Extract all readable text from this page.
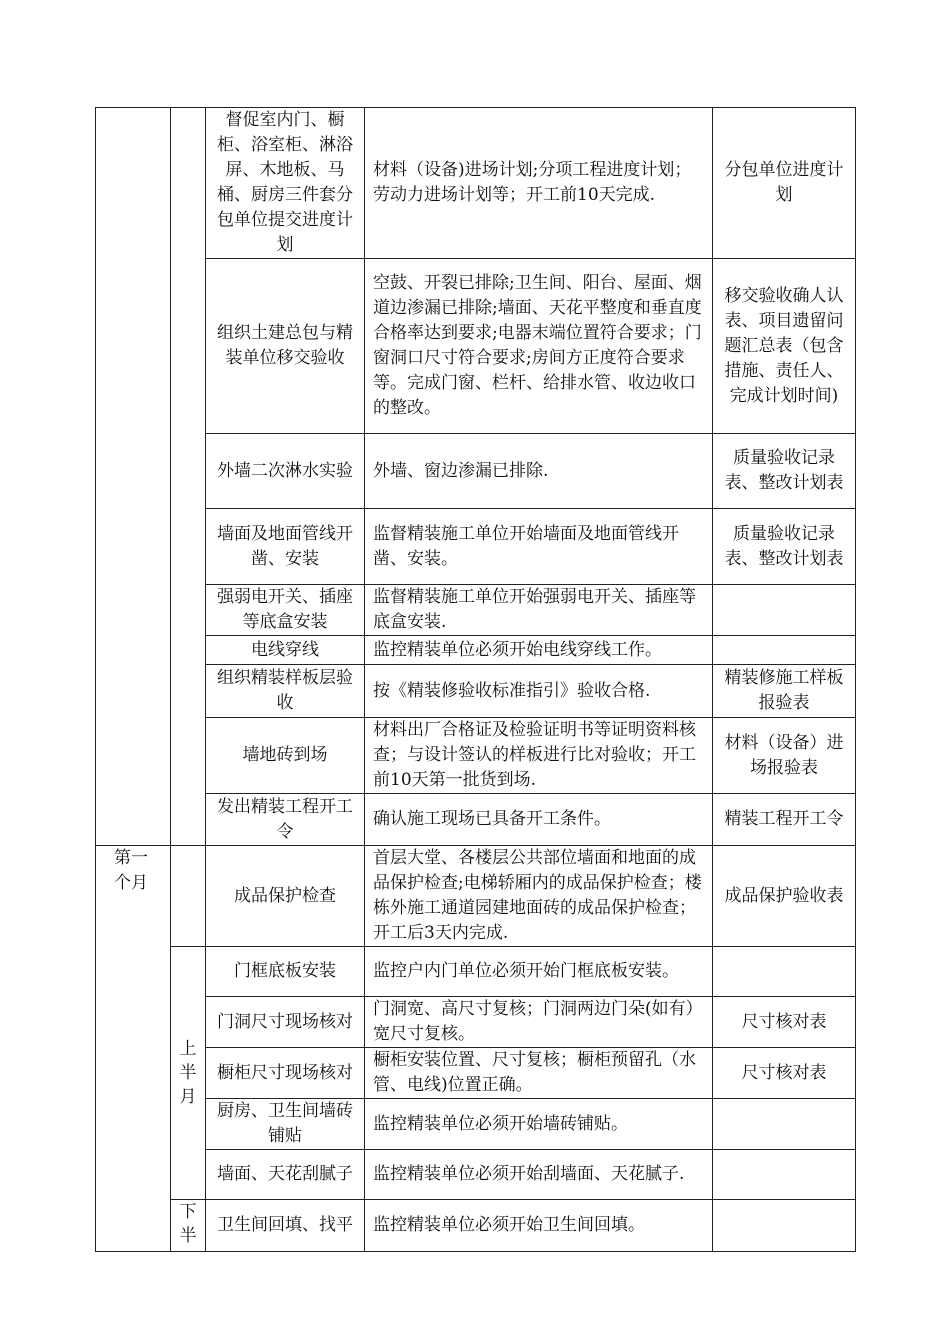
		督促室内门、橱柜、浴室柜、淋浴屏、木地板、马桶、厨房三件套分包单位提交进度计划	材料（设备)进场计划;分项工程进度计划；劳动力进场计划等；开工前10天完成.	分包单位进度计划
		组织土建总包与精装单位移交验收	空鼓、开裂已排除;卫生间、阳台、屋面、烟道边渗漏已排除;墙面、天花平整度和垂直度合格率达到要求;电器末端位置符合要求；门窗洞口尺寸符合要求;房间方正度符合要求等。完成门窗、栏杆、给排水管、收边收口的整改。	移交验收确人认表、项目遗留问题汇总表（包含措施、责任人、完成计划时间)
		外墙二次淋水实验	外墙、窗边渗漏已排除.	质量验收记录表、整改计划表
		墙面及地面管线开凿、安装	监督精装施工单位开始墙面及地面管线开凿、安装。	质量验收记录表、整改计划表
		强弱电开关、插座等底盒安装	监督精装施工单位开始强弱电开关、插座等底盒安装.	
		电线穿线	监控精装单位必须开始电线穿线工作。	
		组织精装样板层验收	按《精装修验收标准指引》验收合格.	精装修施工样板报验表
		墙地砖到场	材料出厂合格证及检验证明书等证明资料核查；与设计签认的样板进行比对验收；开工前10天第一批货到场.	材料（设备）进场报验表
		发出精装工程开工令	确认施工现场已具备开工条件。	精装工程开工令
第一个月		成品保护检查	首层大堂、各楼层公共部位墙面和地面的成品保护检查;电梯轿厢内的成品保护检查；楼栋外施工通道园建地面砖的成品保护检查；开工后3天内完成.	成品保护验收表
	上半月	门框底板安装	监控户内门单位必须开始门框底板安装。	
		门洞尺寸现场核对	门洞宽、高尺寸复核；门洞两边门朵(如有）宽尺寸复核。	尺寸核对表
		橱柜尺寸现场核对	橱柜安装位置、尺寸复核；橱柜预留孔（水管、电线)位置正确。	尺寸核对表
		厨房、卫生间墙砖铺贴	监控精装单位必须开始墙砖铺贴。	
		墙面、天花刮腻子	监控精装单位必须开始刮墙面、天花腻子.	
	下半	卫生间回填、找平	监控精装单位必须开始卫生间回填。	
